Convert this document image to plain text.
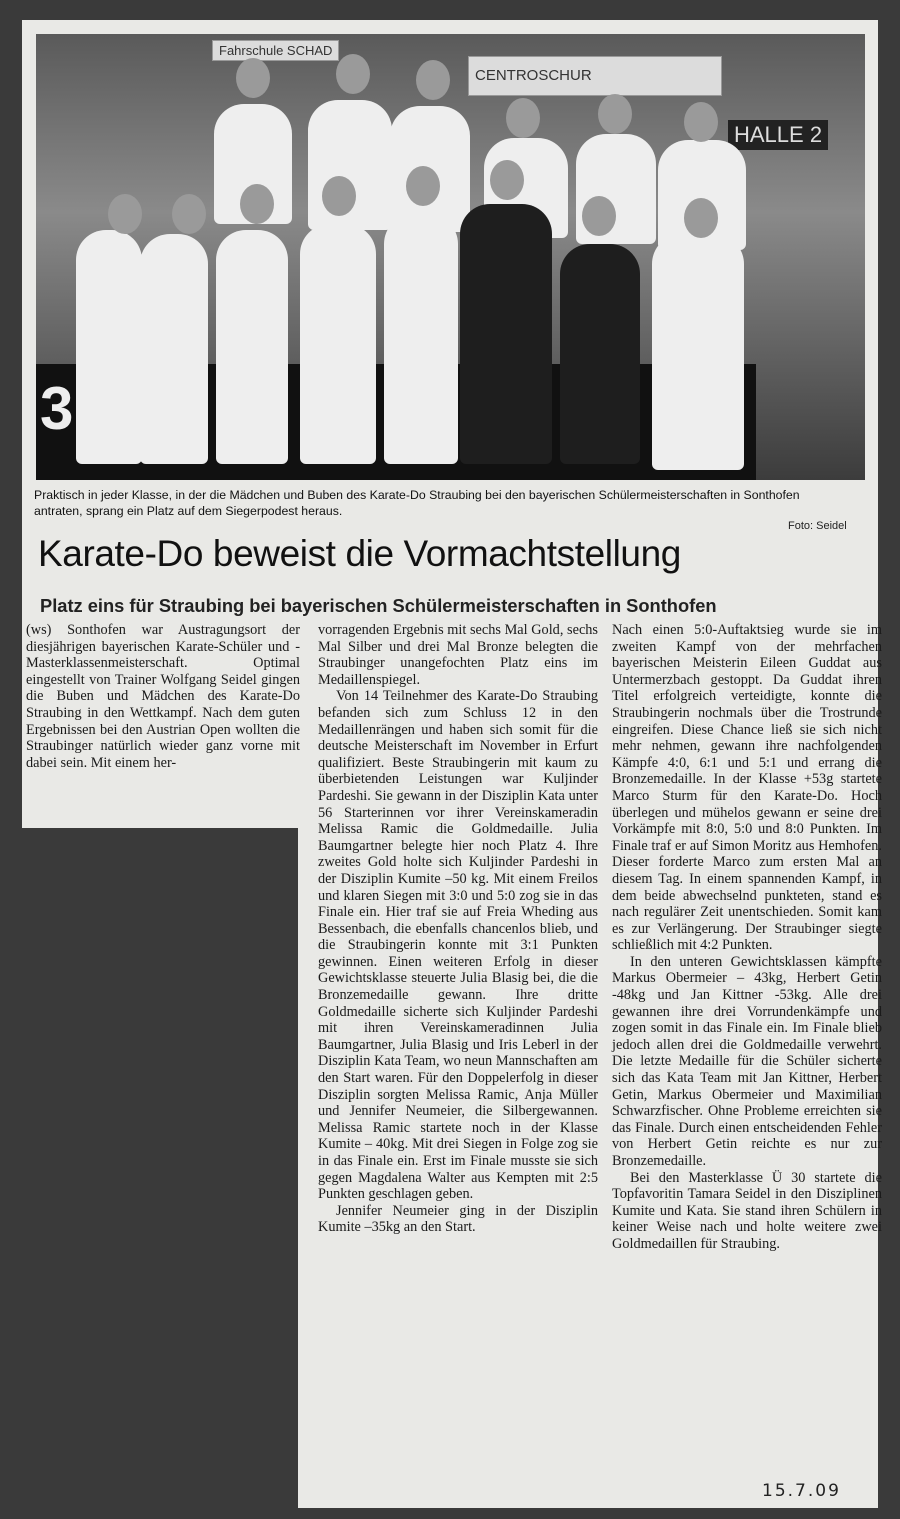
Fahrschule SCHAD
CENTROSCHUR
HALLE 2
3
Praktisch in jeder Klasse, in der die Mädchen und Buben des Karate-Do Straubing bei den bayerischen Schülermeisterschaften in Sonthofen antraten, sprang ein Platz auf dem Siegerpodest heraus.
Foto: Seidel
Karate-Do beweist die Vormachtstellung
Platz eins für Straubing bei bayerischen Schülermeisterschaften in Sonthofen

(ws) Sonthofen war Austragungsort der diesjährigen bayerischen Karate-Schüler und -Masterklassenmeisterschaft. Optimal eingestellt von Trainer Wolfgang Seidel gingen die Buben und Mädchen des Karate-Do Straubing in den Wettkampf. Nach dem guten Ergebnissen bei den Austrian Open wollten die Straubinger natürlich wieder ganz vorne mit dabei sein. Mit einem her-

vorragenden Ergebnis mit sechs Mal Gold, sechs Mal Silber und drei Mal Bronze belegten die Straubinger unangefochten Platz eins im Medaillenspiegel.

Von 14 Teilnehmer des Karate-Do Straubing befanden sich zum Schluss 12 in den Medaillenrängen und haben sich somit für die deutsche Meisterschaft im November in Erfurt qualifiziert. Beste Straubingerin mit kaum zu überbietenden Leistungen war Kuljinder Pardeshi. Sie gewann in der Disziplin Kata unter 56 Starterinnen vor ihrer Vereinskameradin Melissa Ramic die Goldmedaille. Julia Baumgartner belegte hier noch Platz 4. Ihre zweites Gold holte sich Kuljinder Pardeshi in der Disziplin Kumite –50 kg. Mit einem Freilos und klaren Siegen mit 3:0 und 5:0 zog sie in das Finale ein. Hier traf sie auf Freia Wheding aus Bessenbach, die ebenfalls chancenlos blieb, und die Straubingerin konnte mit 3:1 Punkten gewinnen. Einen weiteren Erfolg in dieser Gewichtsklasse steuerte Julia Blasig bei, die die Bronzemedaille gewann. Ihre dritte Goldmedaille sicherte sich Kuljinder Pardeshi mit ihren Vereinskameradinnen Julia Baumgartner, Julia Blasig und Iris Leberl in der Disziplin Kata Team, wo neun Mannschaften am den Start waren. Für den Doppelerfolg in dieser Disziplin sorgten Melissa Ramic, Anja Müller und Jennifer Neumeier, die Silbergewannen. Melissa Ramic startete noch in der Klasse Kumite – 40kg. Mit drei Siegen in Folge zog sie in das Finale ein. Erst im Finale musste sie sich gegen Magdalena Walter aus Kempten mit 2:5 Punkten geschlagen geben.

Jennifer Neumeier ging in der Disziplin Kumite –35kg an den Start.

Nach einen 5:0-Auftaktsieg wurde sie im zweiten Kampf von der mehrfachen bayerischen Meisterin Eileen Guddat aus Untermerzbach gestoppt. Da Guddat ihren Titel erfolgreich verteidigte, konnte die Straubingerin nochmals über die Trostrunde eingreifen. Diese Chance ließ sie sich nicht mehr nehmen, gewann ihre nachfolgenden Kämpfe 4:0, 6:1 und 5:1 und errang die Bronzemedaille. In der Klasse +53g startete Marco Sturm für den Karate-Do. Hoch überlegen und mühelos gewann er seine drei Vorkämpfe mit 8:0, 5:0 und 8:0 Punkten. Im Finale traf er auf Simon Moritz aus Hemhofen. Dieser forderte Marco zum ersten Mal an diesem Tag. In einem spannenden Kampf, in dem beide abwechselnd punkteten, stand es nach regulärer Zeit unentschieden. Somit kam es zur Verlängerung. Der Straubinger siegte schließlich mit 4:2 Punkten.

In den unteren Gewichtsklassen kämpfte Markus Obermeier – 43kg, Herbert Getin -48kg und Jan Kittner -53kg. Alle drei gewannen ihre drei Vorrundenkämpfe und zogen somit in das Finale ein. Im Finale blieb jedoch allen drei die Goldmedaille verwehrt. Die letzte Medaille für die Schüler sicherte sich das Kata Team mit Jan Kittner, Herbert Getin, Markus Obermeier und Maximilian Schwarzfischer. Ohne Probleme erreichten sie das Finale. Durch einen entscheidenden Fehler von Herbert Getin reichte es nur zur Bronzemedaille.

Bei den Masterklasse Ü 30 startete die Topfavoritin Tamara Seidel in den Disziplinen Kumite und Kata. Sie stand ihren Schülern in keiner Weise nach und holte weitere zwei Goldmedaillen für Straubing.

15.7.09
